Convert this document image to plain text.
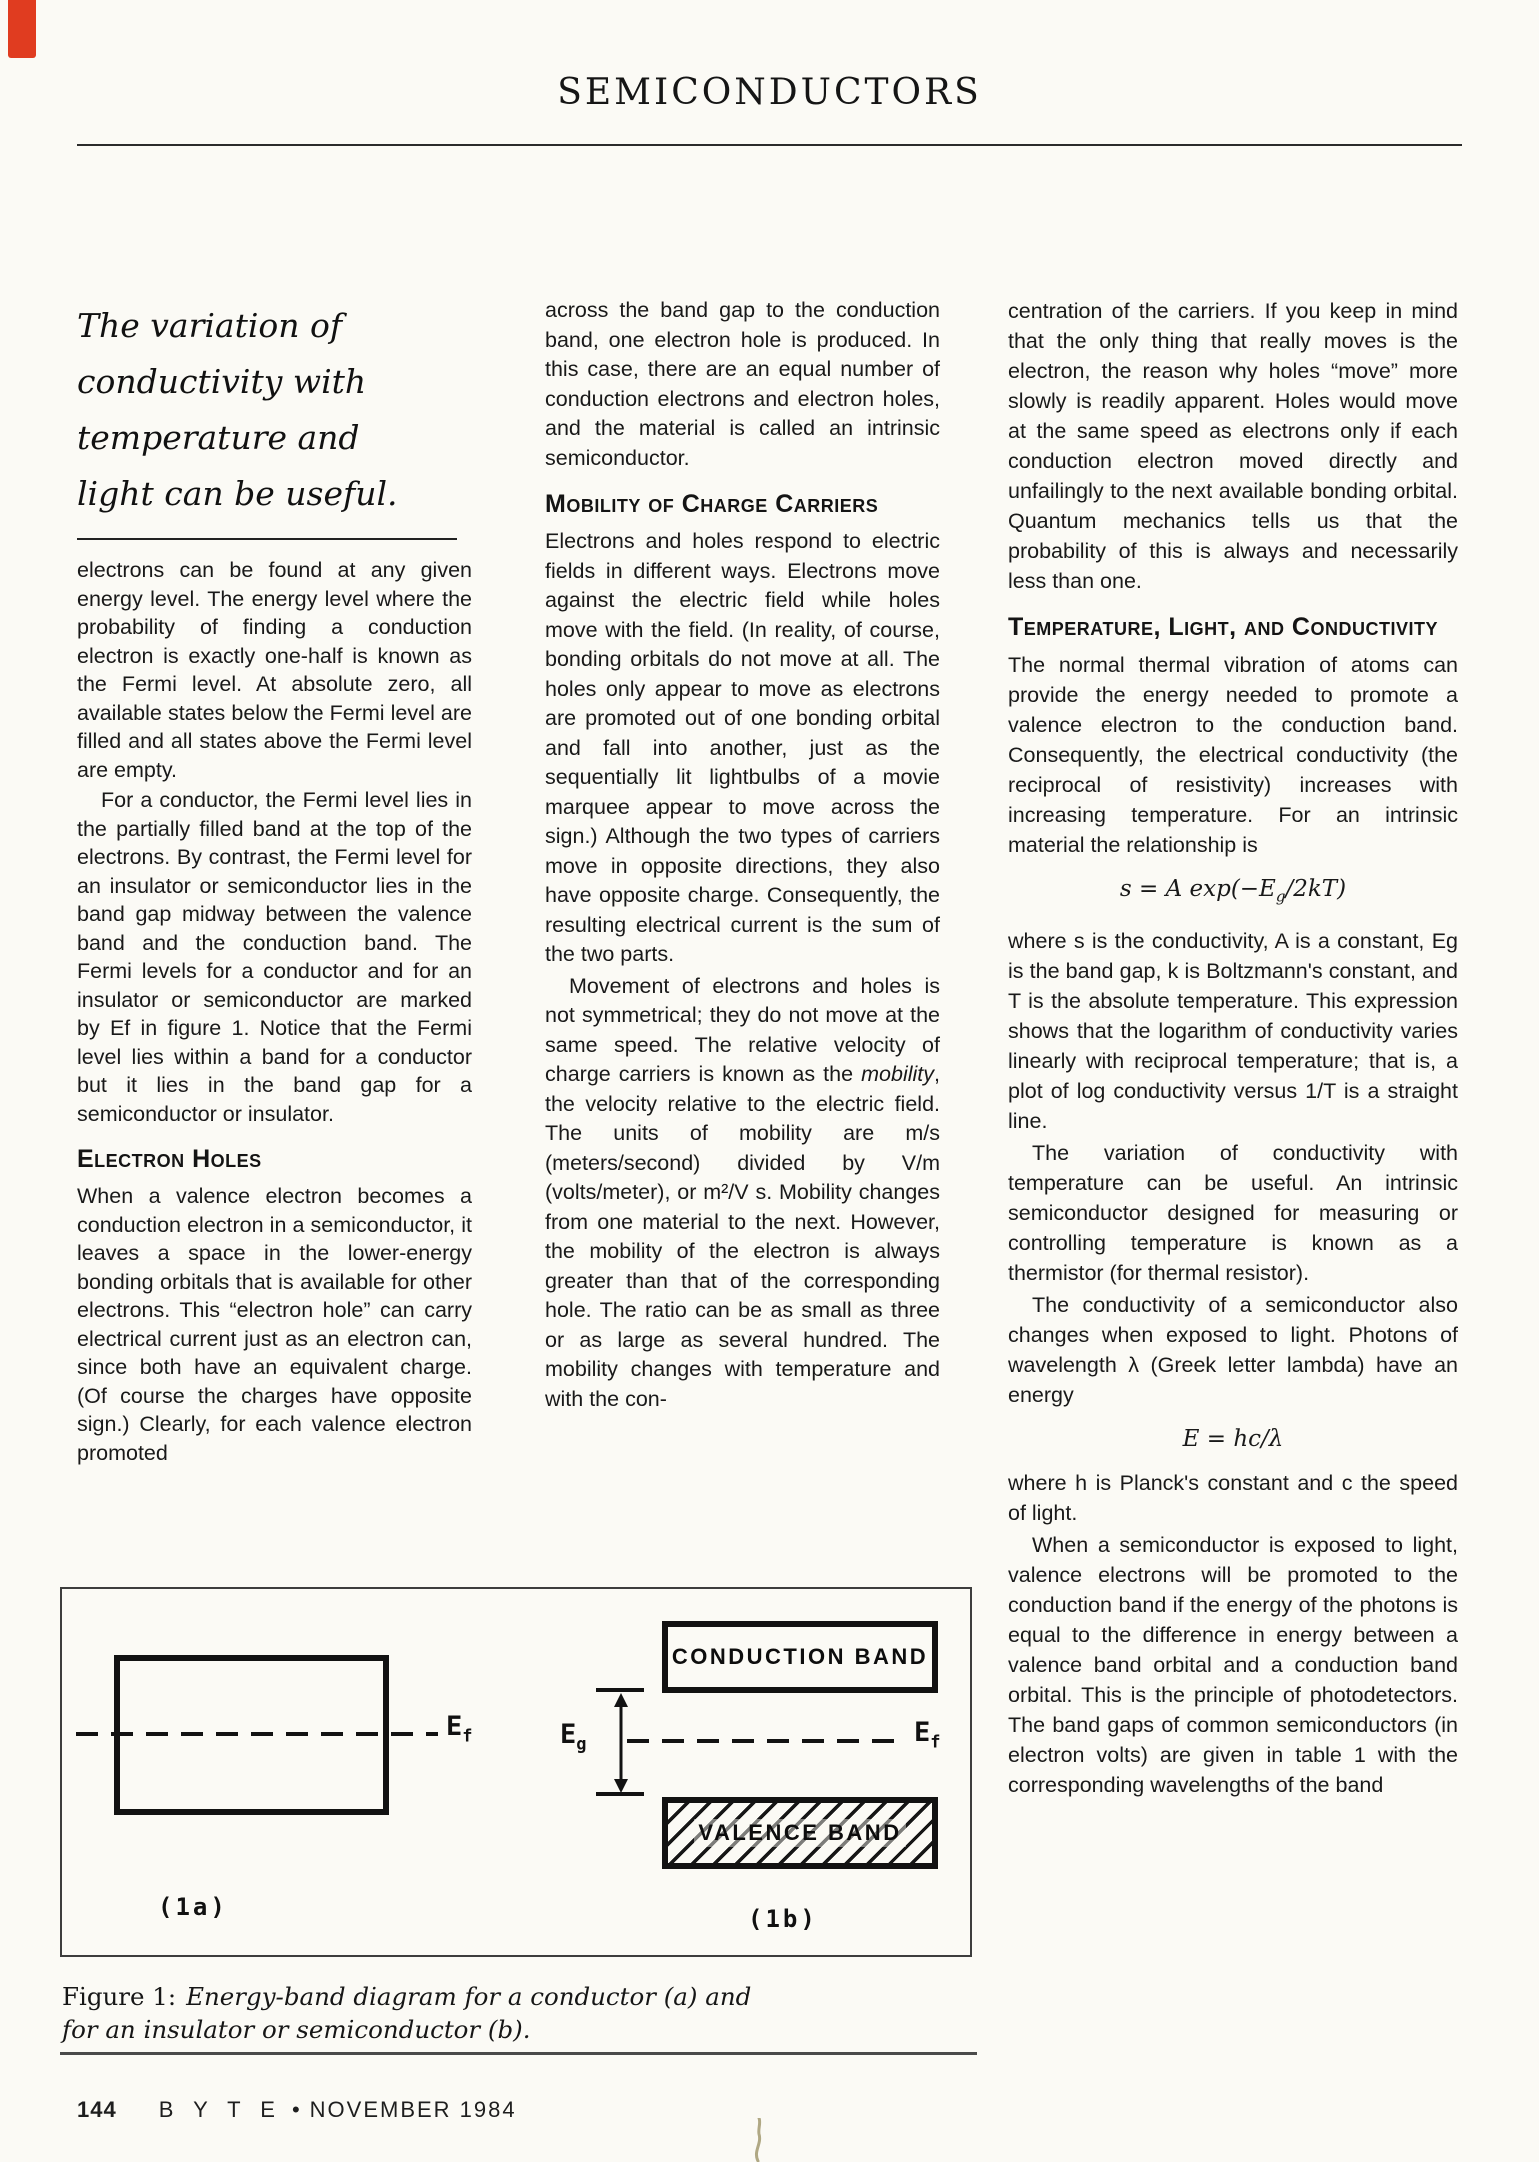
SEMICONDUCTORS
The variation of conductivity with temperature and light can be useful.

electrons can be found at any given energy level. The energy level where the probability of finding a conduction electron is exactly one-half is known as the Fermi level. At absolute zero, all available states below the Fermi level are filled and all states above the Fermi level are empty.

For a conductor, the Fermi level lies in the partially filled band at the top of the electrons. By contrast, the Fermi level for an insulator or semiconductor lies in the band gap midway between the valence band and the conduction band. The Fermi levels for a conductor and for an insulator or semiconductor are marked by Ef in figure 1. Notice that the Fermi level lies within a band for a conductor but it lies in the band gap for a semiconductor or insulator.

Electron Holes

When a valence electron becomes a conduction electron in a semiconductor, it leaves a space in the lower-energy bonding orbitals that is available for other electrons. This “electron hole” can carry electrical current just as an electron can, since both have an equivalent charge. (Of course the charges have opposite sign.) Clearly, for each valence electron promoted

across the band gap to the conduction band, one electron hole is produced. In this case, there are an equal number of conduction electrons and electron holes, and the material is called an intrinsic semiconductor.

Mobility of Charge Carriers

Electrons and holes respond to electric fields in different ways. Electrons move against the electric field while holes move with the field. (In reality, of course, bonding orbitals do not move at all. The holes only appear to move as electrons are promoted out of one bonding orbital and fall into another, just as the sequentially lit lightbulbs of a movie marquee appear to move across the sign.) Although the two types of carriers move in opposite directions, they also have opposite charge. Consequently, the resulting electrical current is the sum of the two parts.

Movement of electrons and holes is not symmetrical; they do not move at the same speed. The relative velocity of charge carriers is known as the mobility, the velocity relative to the electric field. The units of mobility are m/s (meters/second) divided by V/m (volts/meter), or m²/V s. Mobility changes from one material to the next. However, the mobility of the electron is always greater than that of the corresponding hole. The ratio can be as small as three or as large as several hundred. The mobility changes with temperature and with the con-

centration of the carriers. If you keep in mind that the only thing that really moves is the electron, the reason why holes “move” more slowly is readily apparent. Holes would move at the same speed as electrons only if each conduction electron moved directly and unfailingly to the next available bonding orbital. Quantum mechanics tells us that the probability of this is always and necessarily less than one.

Temperature, Light, and Conductivity

The normal thermal vibration of atoms can provide the energy needed to promote a valence electron to the conduction band. Consequently, the electrical conductivity (the reciprocal of resistivity) increases with increasing temperature. For an intrinsic material the relationship is

s = A $\exp(-E_g/2kT)$

where s is the conductivity, A is a constant, Eg is the band gap, k is Boltzmann's constant, and T is the absolute temperature. This expression shows that the logarithm of conductivity varies linearly with reciprocal temperature; that is, a plot of log conductivity versus 1/T is a straight line.

The variation of conductivity with temperature can be useful. An intrinsic semiconductor designed for measuring or controlling temperature is known as a thermistor (for thermal resistor).

The conductivity of a semiconductor also changes when exposed to light. Photons of wavelength λ (Greek letter lambda) have an energy

E = hc/λ

where h is Planck's constant and c the speed of light.

When a semiconductor is exposed to light, valence electrons will be promoted to the conduction band if the energy of the photons is equal to the difference in energy between a valence band orbital and a conduction band orbital. This is the principle of photodetectors. The band gaps of common semiconductors (in electron volts) are given in table 1 with the corresponding wavelengths of the band

$E_f$
(1a)
CONDUCTION BAND
VALENCE BAND
$E_g$	$E_f$
(1b)
Figure 1: Energy-band diagram for a conductor (a) and for an insulator or semiconductor (b).
144 B Y T E • NOVEMBER 1984
